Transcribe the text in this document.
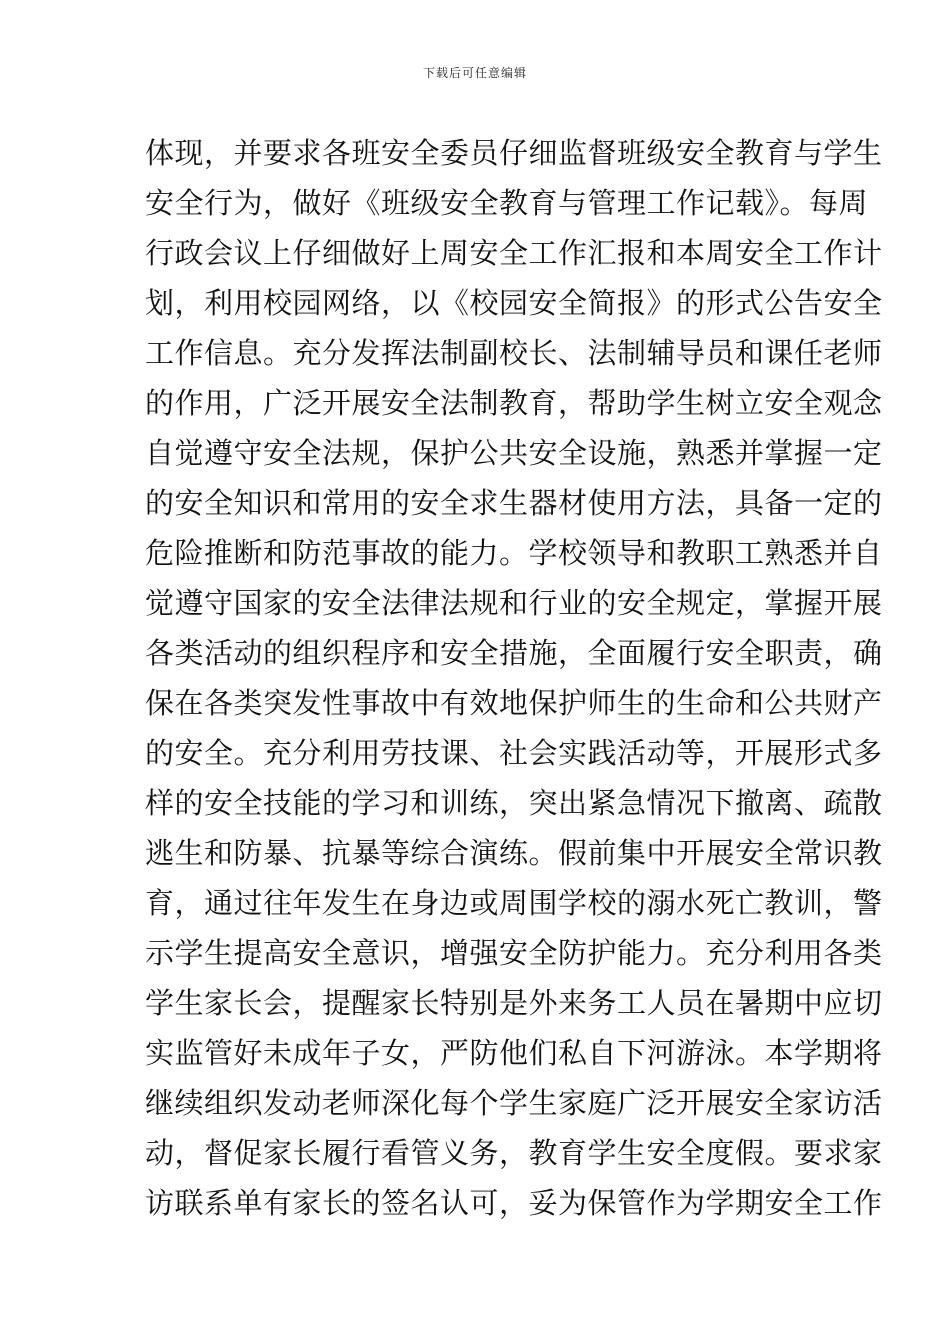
下载后可任意编辑
体现，并要求各班安全委员仔细监督班级安全教育与学生
安全行为，做好《班级安全教育与管理工作记载》。每周
行政会议上仔细做好上周安全工作汇报和本周安全工作计
划，利用校园网络，以《校园安全简报》的形式公告安全
工作信息。充分发挥法制副校长、法制辅导员和课任老师
的作用，广泛开展安全法制教育，帮助学生树立安全观念
自觉遵守安全法规，保护公共安全设施，熟悉并掌握一定
的安全知识和常用的安全求生器材使用方法，具备一定的
危险推断和防范事故的能力。学校领导和教职工熟悉并自
觉遵守国家的安全法律法规和行业的安全规定，掌握开展
各类活动的组织程序和安全措施，全面履行安全职责，确
保在各类突发性事故中有效地保护师生的生命和公共财产
的安全。充分利用劳技课、社会实践活动等，开展形式多
样的安全技能的学习和训练，突出紧急情况下撤离、疏散
逃生和防暴、抗暴等综合演练。假前集中开展安全常识教
育，通过往年发生在身边或周围学校的溺水死亡教训，警
示学生提高安全意识，增强安全防护能力。充分利用各类
学生家长会，提醒家长特别是外来务工人员在暑期中应切
实监管好未成年子女，严防他们私自下河游泳。本学期将
继续组织发动老师深化每个学生家庭广泛开展安全家访活
动，督促家长履行看管义务，教育学生安全度假。要求家
访联系单有家长的签名认可，妥为保管作为学期安全工作
